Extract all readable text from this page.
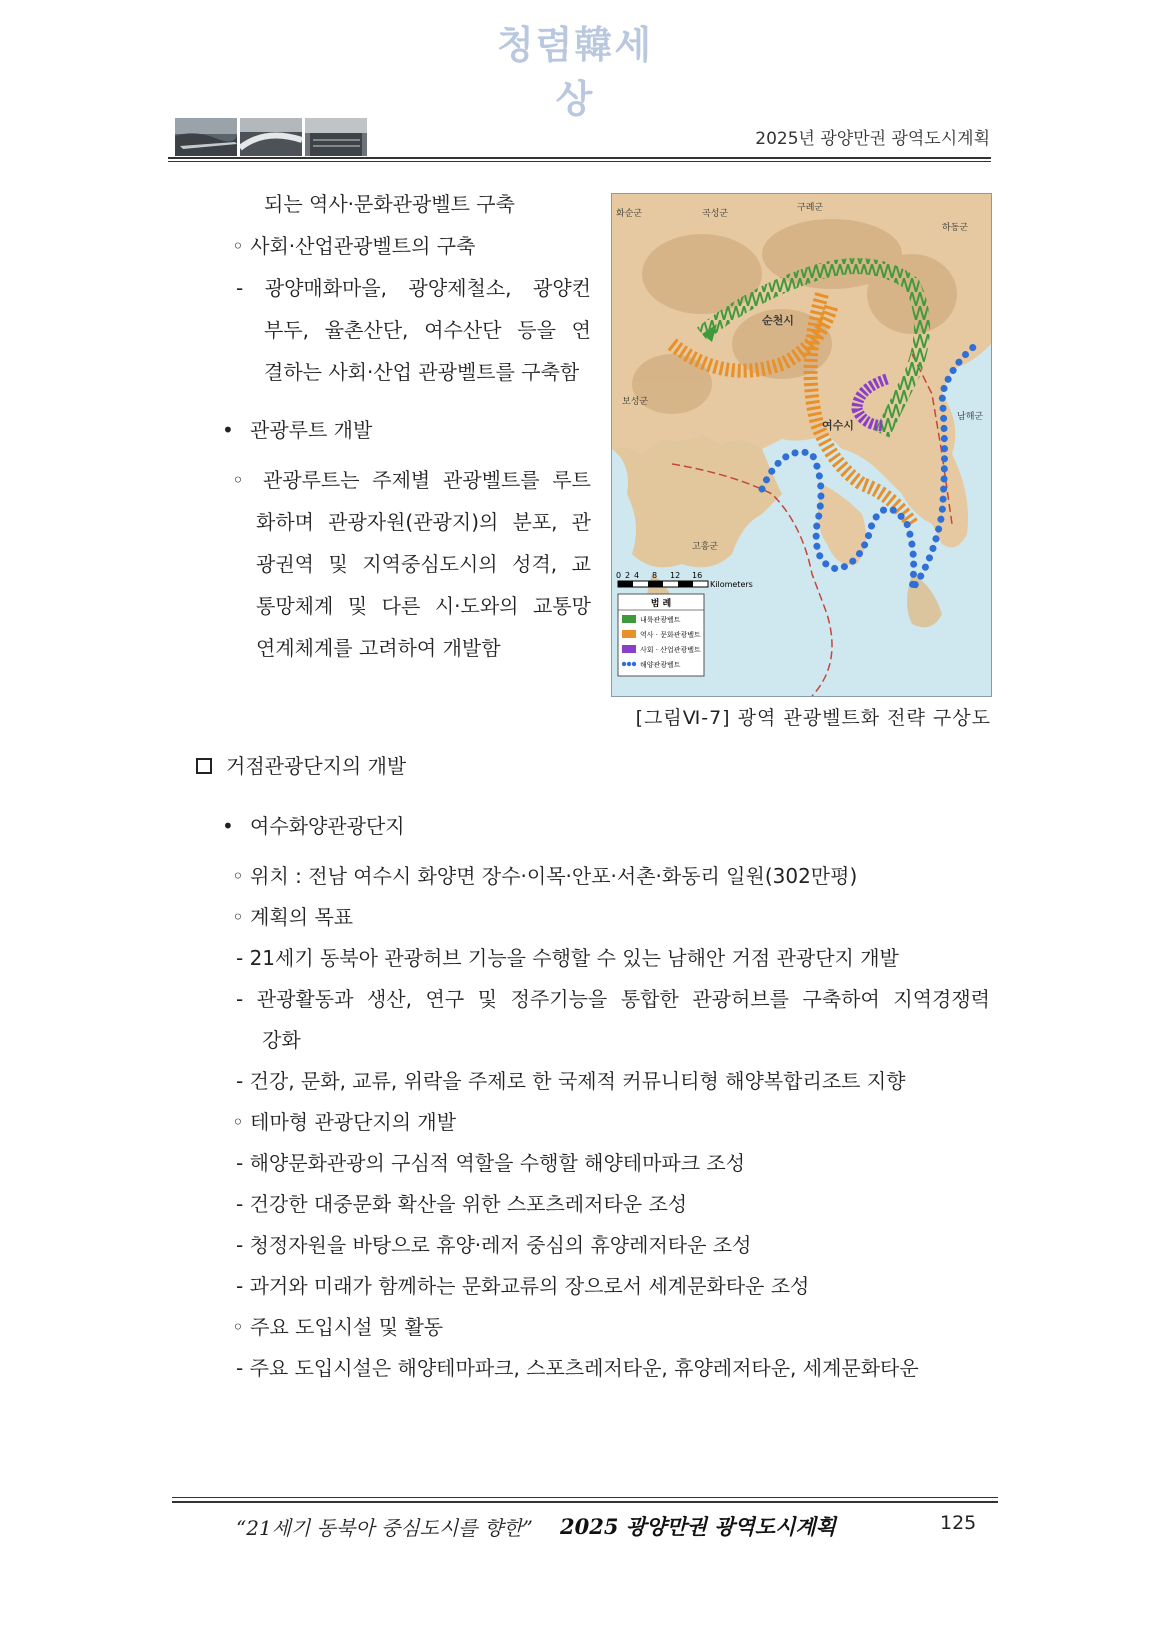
청렴韓세상
2025년 광양만권 광역도시계획
되는 역사·문화관광벨트 구축
◦ 사회·산업관광벨트의 구축
- 광양매화마을, 광양제철소, 광양컨
부두, 율촌산단, 여수산단 등을 연
결하는 사회·산업 관광벨트를 구축함
• 관광루트 개발
◦ 관광루트는 주제별 관광벨트를 루트
화하며 관광자원(관광지)의 분포, 관
광권역 및 지역중심도시의 성격, 교
통망체계 및 다른 시·도와의 교통망
연계체계를 고려하여 개발함
곡성군
구례군
하동군
화순군
순천시
보성군
남해군
여수시
고흥군
0 2 4 8 12 16
Kilometers
범 례
내륙관광벨트
역사 · 문화관광벨트
사회 · 산업관광벨트
해양관광벨트
[그림Ⅵ-7] 광역 관광벨트화 전략 구상도
거점관광단지의 개발
• 여수화양관광단지
◦ 위치 : 전남 여수시 화양면 장수·이목·안포·서촌·화동리 일원(302만평)
◦ 계획의 목표
- 21세기 동북아 관광허브 기능을 수행할 수 있는 남해안 거점 관광단지 개발
- 관광활동과 생산, 연구 및 정주기능을 통합한 관광허브를 구축하여 지역경쟁력
강화
- 건강, 문화, 교류, 위락을 주제로 한 국제적 커뮤니티형 해양복합리조트 지향
◦ 테마형 관광단지의 개발
- 해양문화관광의 구심적 역할을 수행할 해양테마파크 조성
- 건강한 대중문화 확산을 위한 스포츠레저타운 조성
- 청정자원을 바탕으로 휴양·레저 중심의 휴양레저타운 조성
- 과거와 미래가 함께하는 문화교류의 장으로서 세계문화타운 조성
◦ 주요 도입시설 및 활동
- 주요 도입시설은 해양테마파크, 스포츠레저타운, 휴양레저타운, 세계문화타운
“21세기 동북아 중심도시를 향한” 2025 광양만권 광역도시계획	125
